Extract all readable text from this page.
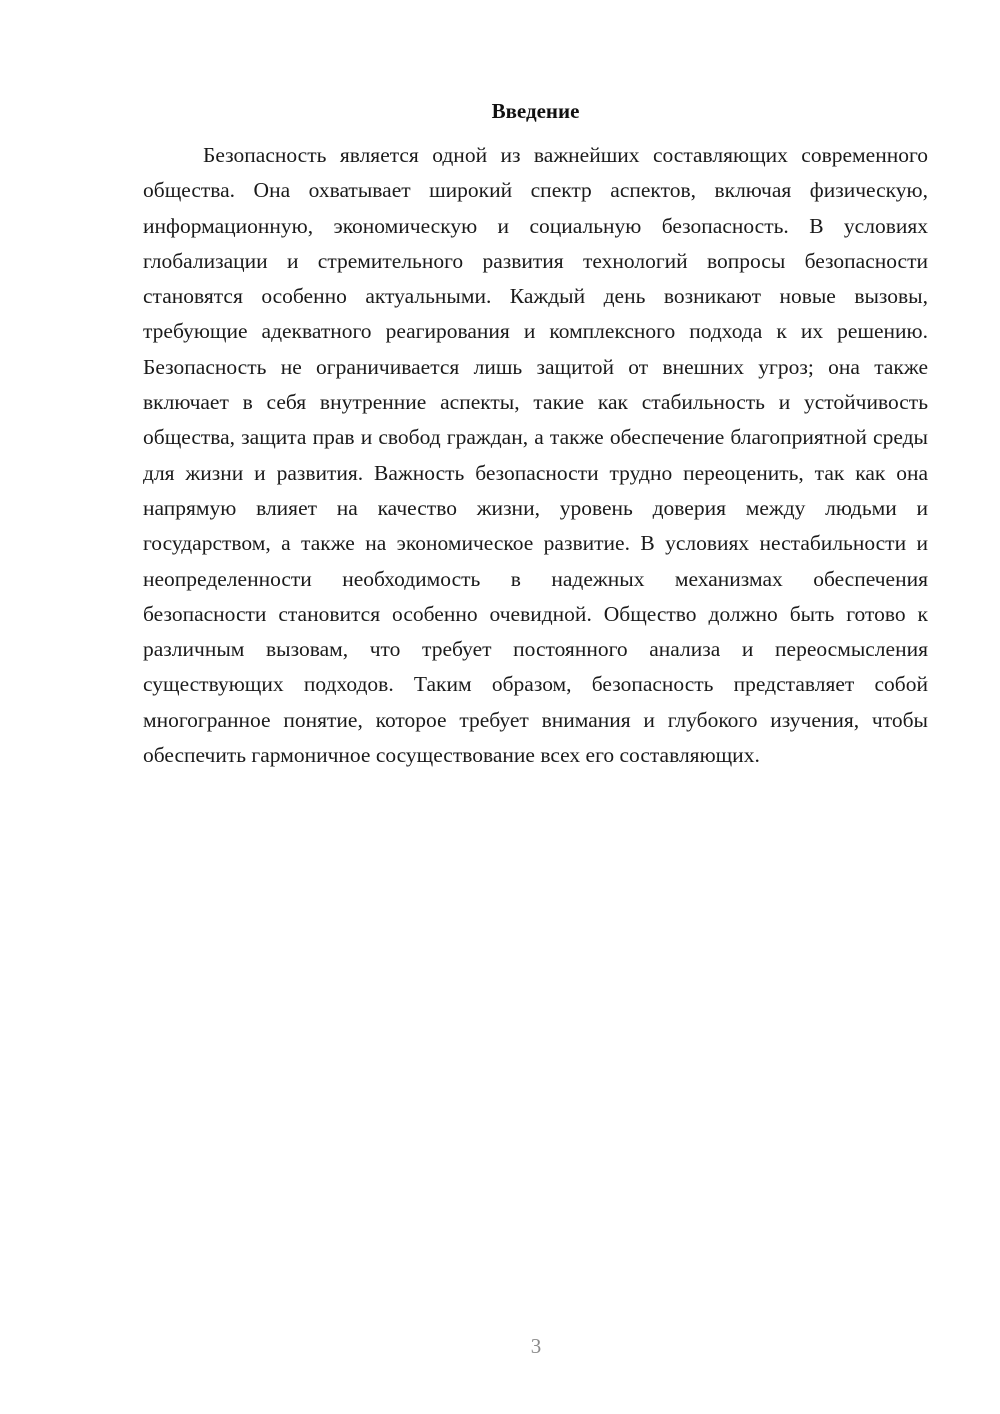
Введение

Безопасность является одной из важнейших составляющих современного общества. Она охватывает широкий спектр аспектов, включая физическую, информационную, экономическую и социальную безопасность. В условиях глобализации и стремительного развития технологий вопросы безопасности становятся особенно актуальными. Каждый день возникают новые вызовы, требующие адекватного реагирования и комплексного подхода к их решению. Безопасность не ограничивается лишь защитой от внешних угроз; она также включает в себя внутренние аспекты, такие как стабильность и устойчивость общества, защита прав и свобод граждан, а также обеспечение благоприятной среды для жизни и развития. Важность безопасности трудно переоценить, так как она напрямую влияет на качество жизни, уровень доверия между людьми и государством, а также на экономическое развитие. В условиях нестабильности и неопределенности необходимость в надежных механизмах обеспечения безопасности становится особенно очевидной. Общество должно быть готово к различным вызовам, что требует постоянного анализа и переосмысления существующих подходов. Таким образом, безопасность представляет собой многогранное понятие, которое требует внимания и глубокого изучения, чтобы обеспечить гармоничное сосуществование всех его составляющих.

3
